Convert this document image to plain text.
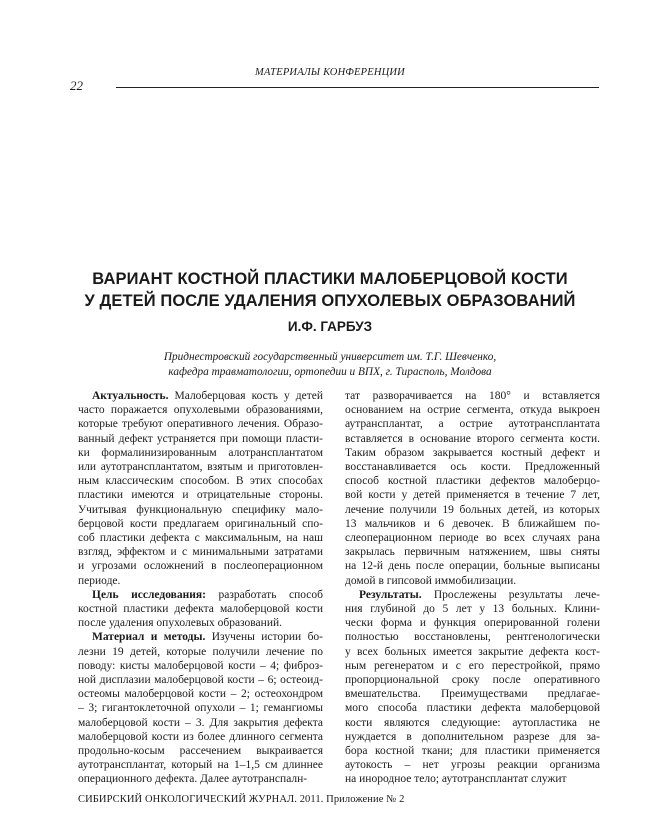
МАТЕРИАЛЫ КОНФЕРЕНЦИИ
22
ВАРИАНТ КОСТНОЙ ПЛАСТИКИ МАЛОБЕРЦОВОЙ КОСТИ
У ДЕТЕЙ ПОСЛЕ УДАЛЕНИЯ ОПУХОЛЕВЫХ ОБРАЗОВАНИЙ
И.Ф. ГАРБУЗ
Приднестровский государственный университет им. Т.Г. Шевченко,
кафедра травматологии, ортопедии и ВПХ, г. Тирасполь, Молдова

Актуальность. Малоберцовая кость у детей
часто поражается опухолевыми образованиями,
которые требуют оперативного лечения. Образо-
ванный дефект устраняется при помощи пласти-
ки формалинизированным алотрансплантатом
или аутотрансплантатом, взятым и приготовлен-
ным классическим способом. В этих способах
пластики имеются и отрицательные стороны.
Учитывая функциональную специфику мало-
берцовой кости предлагаем оригинальный спо-
соб пластики дефекта с максимальным, на наш
взгляд, эффектом и с минимальными затратами
и угрозами осложнений в послеоперационном
периоде.

Цель исследования: разработать способ
костной пластики дефекта малоберцовой кости
после удаления опухолевых образований.

Материал и методы. Изучены истории бо-
лезни 19 детей, которые получили лечение по
поводу: кисты малоберцовой кости – 4; фиброз-
ной дисплазии малоберцовой кости – 6; остеоид-
остеомы малоберцовой кости – 2; остеохондром
– 3; гигантоклеточной опухоли – 1; гемангиомы
малоберцовой кости – 3. Для закрытия дефекта
малоберцовой кости из более длинного сегмента
продольно-косым рассечением выкраивается
аутотрансплантат, который на 1–1,5 см длиннее
операционного дефекта. Далее аутотранспалн-

тат разворачивается на 180° и вставляется
основанием на острие сегмента, откуда выкроен
аутрансплантат, а острие аутотрансплантата
вставляется в основание второго сегмента кости.
Таким образом закрывается костный дефект и
восстанавливается ось кости. Предложенный
способ костной пластики дефектов малоберцо-
вой кости у детей применяется в течение 7 лет,
лечение получили 19 больных детей, из которых
13 мальчиков и 6 девочек. В ближайшем по-
слеоперационном периоде во всех случаях рана
закрылась первичным натяжением, швы сняты
на 12-й день после операции, больные выписаны
домой в гипсовой иммобилизации.

Результаты. Прослежены результаты лече-
ния глубиной до 5 лет у 13 больных. Клини-
чески форма и функция оперированной голени
полностью восстановлены, рентгенологически
у всех больных имеется закрытие дефекта кост-
ным регенератом и с его перестройкой, прямо
пропорциональной сроку после оперативного
вмешательства. Преимуществами предлагае-
мого способа пластики дефекта малоберцовой
кости являются следующие: аутопластика не
нуждается в дополнительном разрезе для за-
бора костной ткани; для пластики применяется
аутокость – нет угрозы реакции организма
на инородное тело; аутотрансплантат служит

СИБИРСКИЙ ОНКОЛОГИЧЕСКИЙ ЖУРНАЛ. 2011. Приложение № 2
